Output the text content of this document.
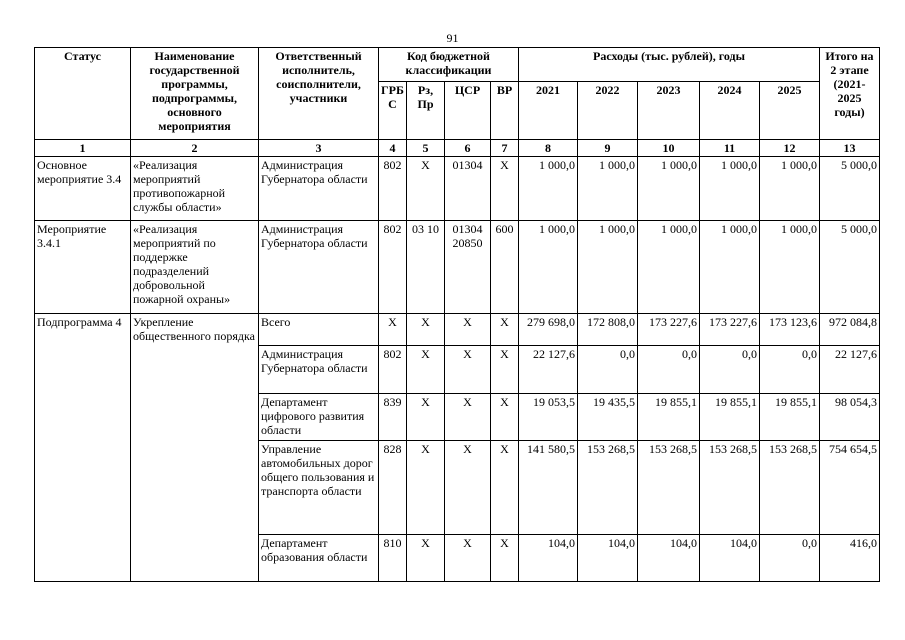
91
Статус	Наименование государственной программы, подпрограммы, основного мероприятия	Ответственный исполнитель, соисполнители, участники	Код бюджетной классификации				Расходы (тыс. рублей), годы					Итого на 2 этапе (2021-2025 годы)
			ГРБ С	Рз, Пр	ЦСР	ВР	2021	2022	2023	2024	2025	
1	2	3	4	5	6	7	8	9	10	11	12	13
Основное мероприятие 3.4	«Реализация мероприятий противопожарной службы области»	Администрация Губернатора области	802	X	01304	X	1 000,0	1 000,0	1 000,0	1 000,0	1 000,0	5 000,0
Мероприятие 3.4.1	«Реализация мероприятий по поддержке подразделений добровольной пожарной охраны»	Администрация Губернатора области	802	03 10	01304 20850	600	1 000,0	1 000,0	1 000,0	1 000,0	1 000,0	5 000,0
Подпрограмма 4	Укрепление общественного порядка	Всего	X	X	X	X	279 698,0	172 808,0	173 227,6	173 227,6	173 123,6	972 084,8
		Администрация Губернатора области	802	X	X	X	22 127,6	0,0	0,0	0,0	0,0	22 127,6
		Департамент цифрового развития области	839	X	X	X	19 053,5	19 435,5	19 855,1	19 855,1	19 855,1	98 054,3
		Управление автомобильных дорог общего пользования и транспорта области	828	X	X	X	141 580,5	153 268,5	153 268,5	153 268,5	153 268,5	754 654,5
		Департамент образования области	810	X	X	X	104,0	104,0	104,0	104,0	0,0	416,0
